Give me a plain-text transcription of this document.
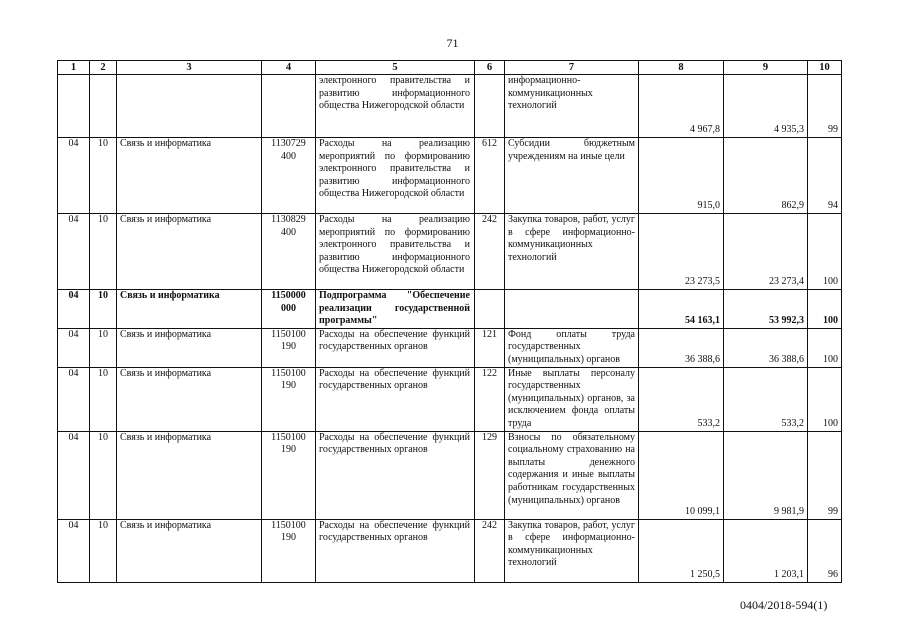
71
1	2	3	4	5	6	7	8	9	10
				электронного правительства и развитию информационного общества Нижегородской области		информационно-коммуникационных технологий	4 967,8	4 935,3	99
04	10	Связь и информатика	1130729 400	Расходы на реализацию мероприятий по формированию электронного правительства и развитию информационного общества Нижегородской области	612	Субсидии бюджетным учреждениям на иные цели	915,0	862,9	94
04	10	Связь и информатика	1130829 400	Расходы на реализацию мероприятий по формированию электронного правительства и развитию информационного общества Нижегородской области	242	Закупка товаров, работ, услуг в сфере информационно-коммуникационных технологий	23 273,5	23 273,4	100
04	10	Связь и информатика	1150000 000	Подпрограмма "Обеспечение реализации государственной программы"			54 163,1	53 992,3	100
04	10	Связь и информатика	1150100 190	Расходы на обеспечение функций государственных органов	121	Фонд оплаты труда государственных (муниципальных) органов	36 388,6	36 388,6	100
04	10	Связь и информатика	1150100 190	Расходы на обеспечение функций государственных органов	122	Иные выплаты персоналу государственных (муниципальных) органов, за исключением фонда оплаты труда	533,2	533,2	100
04	10	Связь и информатика	1150100 190	Расходы на обеспечение функций государственных органов	129	Взносы по обязательному социальному страхованию на выплаты денежного содержания и иные выплаты работникам государственных (муниципальных) органов	10 099,1	9 981,9	99
04	10	Связь и информатика	1150100 190	Расходы на обеспечение функций государственных органов	242	Закупка товаров, работ, услуг в сфере информационно-коммуникационных технологий	1 250,5	1 203,1	96
0404/2018-594(1)
